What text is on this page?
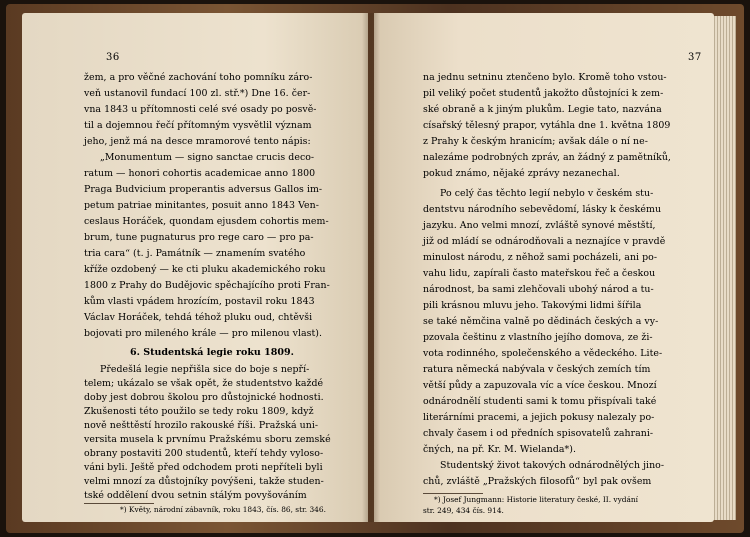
36
žem, a pro věčné zachování toho pomníku záro-
veň ustanovil fundací 100 zl. stř.*) Dne 16. čer-
vna 1843 u přítomnosti celé své osady po posvě-
til a dojemnou řečí přítomným vysvětlil význam
jeho, jenž má na desce mramorové tento nápis:
„Monumentum — signo sanctae crucis deco-
ratum — honori cohortis academicae anno 1800
Praga Budvicium properantis adversus Gallos im-
petum patriae minitantes, posuit anno 1843 Ven-
ceslaus Horáček, quondam ejusdem cohortis mem-
brum, tune pugnaturus pro rege caro — pro pa-
tria cara“ (t. j. Památník — znamením svatého
kříže ozdobený — ke cti pluku akademického roku
1800 z Prahy do Budějovic spěchajícího proti Fran-
kům vlasti vpádem hrozícím, postavil roku 1843
Václav Horáček, tehdá téhož pluku oud, chtěvši
bojovati pro mileného krále — pro milenou vlast).
6. Studentská legie roku 1809.
Předešlá legie nepřišla sice do boje s nepří-
telem; ukázalo se však opět, že studentstvo každé
doby jest dobrou školou pro důstojnické hodnosti.
Zkušenosti této použilo se tedy roku 1809, když
nově nešttěstí hrozilo rakouské říši. Pražská uni-
versita musela k prvnímu Pražskému sboru zemské
obrany postaviti 200 studentů, kteří tehdy vyloso-
váni byli. Ještě před odchodem proti nepříteli byli
velmi mnozí za důstojníky povýšeni, takže studen-
tské oddělení dvou setnin stálým povyšováním
*) Květy, národní zábavník, roku 1843, čís. 86, str. 346.
37
na jednu setninu ztenčeno bylo. Kromě toho vstou-
pil veliký počet studentů jakožto důstojníci k zem-
ské obraně a k jiným plukům. Legie tato, nazvána
císařský tělesný prapor, vytáhla dne 1. května 1809
z Prahy k českým hranicím; avšak dále o ní ne-
nalezáme podrobných zpráv, an žádný z pamětníků,
pokud známo, nějaké zprávy nezanechal.
Po celý čas těchto legií nebylo v českém stu-
dentstvu národního sebevědomí, lásky k českému
jazyku. Ano velmi mnozí, zvláště synové městští,
již od mládí se odnárodňovali a neznajíce v pravdě
minulost národu, z něhož sami pocházeli, ani po-
vahu lidu, zapírali často mateřskou řeč a českou
národnost, ba sami zlehčovali ubohý národ a tu-
pili krásnou mluvu jeho. Takovými lidmi šířila
se také němčina valně po dědinách českých a vy-
pzovala češtinu z vlastního jejího domova, ze ži-
vota rodinného, společenského a vědeckého. Lite-
ratura německá nabývala v českých zemích tím
větší půdy a zapuzovala víc a více českou. Mnozí
odnárodnělí studenti sami k tomu přispívali také
literárními pracemi, a jejich pokusy nalezaly po-
chvaly časem i od předních spisovatelů zahrani-
čných, na př. Kr. M. Wielanda*).
Studentský život takových odnárodnělých jino-
chů, zvláště „Pražských filosofů“ byl pak ovšem
*) Josef Jungmann: Historie literatury české, II. vydání
str. 249, 434 čís. 914.
